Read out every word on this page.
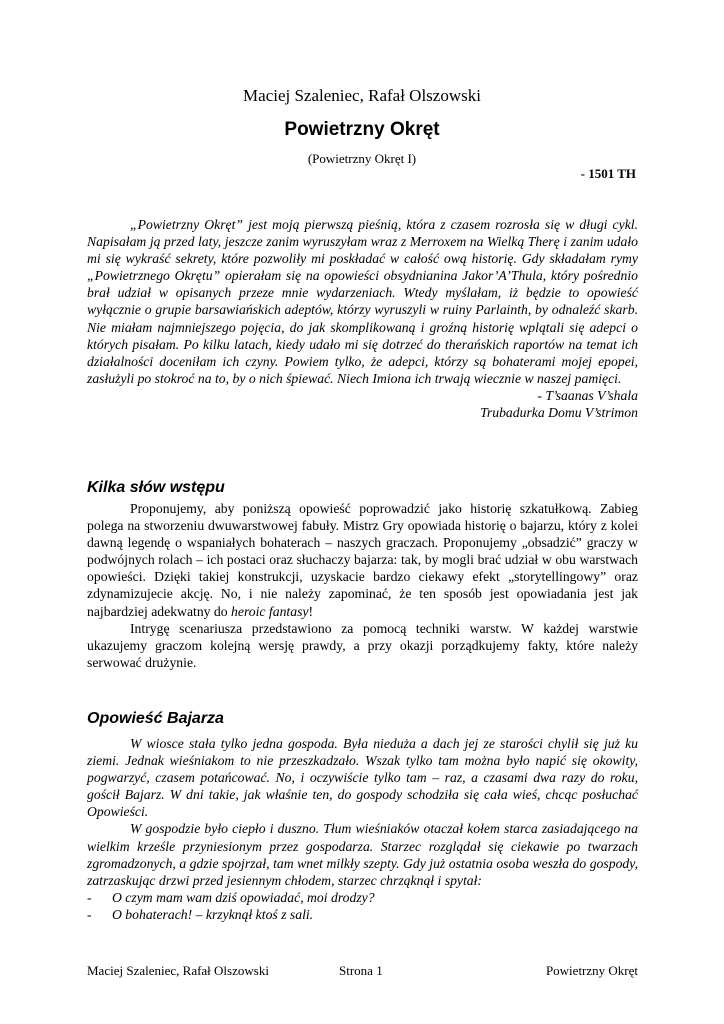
Maciej Szaleniec, Rafał Olszowski
Powietrzny Okręt
(Powietrzny Okręt I)
- 1501 TH

„Powietrzny Okręt” jest moją pierwszą pieśnią, która z czasem rozrosła się w długi cykl. Napisałam ją przed laty, jeszcze zanim wyruszyłam wraz z Merroxem na Wielką Therę i zanim udało mi się wykraść sekrety, które pozwoliły mi poskładać w całość ową historię. Gdy składałam rymy „Powietrznego Okrętu” opierałam się na opowieści obsydnianina Jakor’A’Thula, który pośrednio brał udział w opisanych przeze mnie wydarzeniach. Wtedy myślałam, iż będzie to opowieść wyłącznie o grupie barsawiańskich adeptów, którzy wyruszyli w ruiny Parlainth, by odnaleźć skarb. Nie miałam najmniejszego pojęcia, do jak skomplikowaną i groźną historię wplątali się adepci o których pisałam. Po kilku latach, kiedy udało mi się dotrzeć do therańskich raportów na temat ich działalności doceniłam ich czyny. Powiem tylko, że adepci, którzy są bohaterami mojej epopei, zasłużyli po stokroć na to, by o nich śpiewać. Niech Imiona ich trwają wiecznie w naszej pamięci.

- T’saanas V’shala

Trubadurka Domu V’strimon

Kilka słów wstępu

Proponujemy, aby poniższą opowieść poprowadzić jako historię szkatułkową. Zabieg polega na stworzeniu dwuwarstwowej fabuły. Mistrz Gry opowiada historię o bajarzu, który z kolei dawną legendę o wspaniałych bohaterach – naszych graczach. Proponujemy „obsadzić” graczy w podwójnych rolach – ich postaci oraz słuchaczy bajarza: tak, by mogli brać udział w obu warstwach opowieści. Dzięki takiej konstrukcji, uzyskacie bardzo ciekawy efekt „storytellingowy” oraz zdynamizujecie akcję. No, i nie należy zapominać, że ten sposób jest opowiadania jest jak najbardziej adekwatny do heroic fantasy!

Intrygę scenariusza przedstawiono za pomocą techniki warstw. W każdej warstwie ukazujemy graczom kolejną wersję prawdy, a przy okazji porządkujemy fakty, które należy serwować drużynie.

Opowieść Bajarza

W wiosce stała tylko jedna gospoda. Była nieduża a dach jej ze starości chylił się już ku ziemi. Jednak wieśniakom to nie przeszkadzało. Wszak tylko tam można było napić się okowity, pogwarzyć, czasem potańcować. No, i oczywiście tylko tam – raz, a czasami dwa razy do roku, gościł Bajarz. W dni takie, jak właśnie ten, do gospody schodziła się cała wieś, chcąc posłuchać Opowieści.

W gospodzie było ciepło i duszno. Tłum wieśniaków otaczał kołem starca zasiadającego na wielkim krześle przyniesionym przez gospodarza. Starzec rozglądał się ciekawie po twarzach zgromadzonych, a gdzie spojrzał, tam wnet milkły szepty. Gdy już ostatnia osoba weszła do gospody, zatrzaskując drzwi przed jesiennym chłodem, starzec chrząknął i spytał:

-	O czym mam wam dziś opowiadać, moi drodzy?
-	O bohaterach! – krzyknął ktoś z sali.
Maciej Szaleniec, Rafał Olszowski	Strona 1	Powietrzny Okręt
